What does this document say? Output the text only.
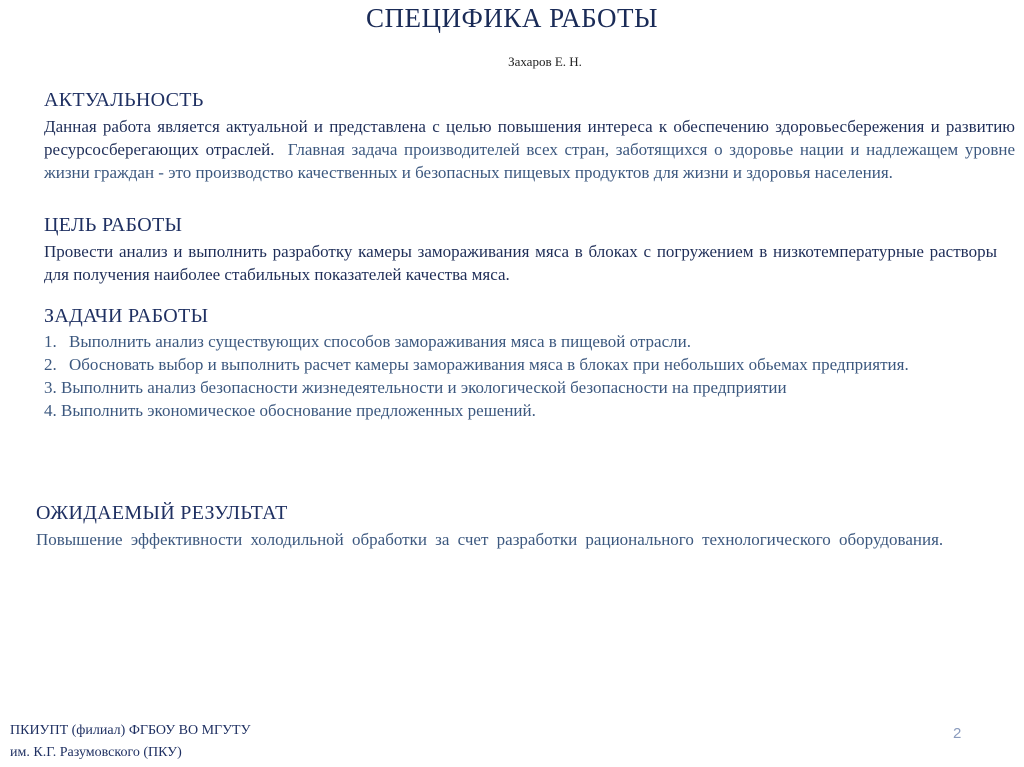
СПЕЦИФИКА РАБОТЫ
Захаров Е. Н.
АКТУАЛЬНОСТЬ
Данная работа является актуальной и представлена с целью повышения интереса к обеспечению здоровьесбережения и развитию ресурсосберегающих отраслей. Главная задача производителей всех стран, заботящихся о здоровье нации и надлежащем уровне жизни граждан - это производство качественных и безопасных пищевых продуктов для жизни и здоровья населения.
ЦЕЛЬ РАБОТЫ
Провести анализ и выполнить разработку камеры замораживания мяса в блоках с погружением в низкотемпературные растворы для получения наиболее стабильных показателей качества мяса.
ЗАДАЧИ РАБОТЫ
1. Выполнить анализ существующих способов замораживания мяса в пищевой отрасли.
2. Обосновать выбор и выполнить расчет камеры замораживания мяса в блоках при небольших обьемах предприятия.
3. Выполнить анализ безопасности жизнедеятельности и экологической безопасности на предприятии
4. Выполнить экономическое обоснование предложенных решений.
ОЖИДАЕМЫЙ РЕЗУЛЬТАТ
Повышение эффективности холодильной обработки за счет разработки рационального технологического оборудования.
ПКИУПТ (филиал) ФГБОУ ВО МГУТУ
им. К.Г. Разумовского (ПКУ)
2
